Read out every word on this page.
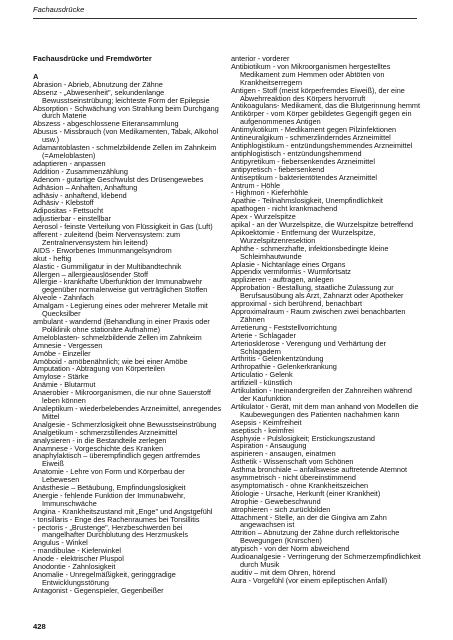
Fachausdrücke
Fachausdrücke und Fremdwörter
A
Abrasion - Abrieb, Abnutzung der Zähne
Absenz - „Abwesenheit", sekundenlange Bewusstseinstrübung; leichteste Form der Epilepsie
Absorption - Schwächung von Strahlung beim Durchgang durch Materie
Abszess - abgeschlossene Eiteransammlung
Abusus - Missbrauch (von Medikamenten, Tabak, Alkohol usw.)
Adamantoblasten - schmelzbildende Zellen im Zahnkeim (=Ameloblasten)
adaptieren - anpassen
Addition - Zusammenzählung
Adenom - gutartige Geschwulst des Drüsengewebes
Adhäsion – Anhaften, Anhaftung
adhäsiv - anhaftend, klebend
Adhäsiv - Klebstoff
Adipositas - Fettsucht
adjustierbar - einstellbar
Aerosol - feinste Verteilung von Flüssigkeit in Gas (Luft)
afferent - zuleitend (beim Nervensystem: zum Zentralnervensystem hin leitend)
AIDS - Erworbenes Immunmangelsyndrom
akut - heftig
Alastic - Gummiligatur in der Multibandtechnik
Allergen – allergieauslösender Stoff
Allergie - krankhafte Überfunktion der Immunabwehr gegenüber normalerweise gut verträglichen Stoffen
Alveole - Zahnfach
Amalgam - Legierung eines oder mehrerer Metalle mit Quecksilber
ambulant - wandernd (Behandlung in einer Praxis oder Poliklinik ohne stationäre Aufnahme)
Ameloblasten- schmelzbildende Zellen im Zahnkeim
Amnesie - Vergessen
Amöbe - Einzeller
Amöboid - amöbenähnlich; wie bei einer Amöbe
Amputation - Abtragung von Körperteilen
Amylose - Stärke
Anämie - Blutarmut
Anaerobier - Mikroorganismen, die nur ohne Sauerstoff leben können
Analeptikum - wiederbelebendes Arzneimittel, anregendes Mittel
Analgesie - Schmerzlosigkeit ohne Bewusstseinstrübung
Analgetikum - schmerzstillendes Arzneimittel
analysieren - in die Bestandteile zerlegen
Anamnese - Vorgeschichte des Kranken
anaphylaktisch – überempfindlich gegen artfremdes Eiweiß
Anatomie - Lehre von Form und Körperbau der Lebewesen
Anästhesie – Betäubung, Empfindungslosigkeit
Anergie - fehlende Funktion der Immunabwehr, Immunschwäche
Angina - Krankheitszustand mit „Enge" und Angstgefühl
- tonsillaris - Enge des Rachenraumes bei Tonsillitis
- pectoris - „Brustenge", Herzbeschwerden bei mangelhafter Durchblutung des Herzmuskels
Angulus - Winkel
- mandibulae - Kieferwinkel
Anode - elektrischer Pluspol
Anodontie - Zahnlosigkeit
Anomalie - Unregelmäßigkeit, geringgradige Entwicklungsstörung
Antagonist - Gegenspieler, Gegenbeißer
anterior - vorderer
Antibiotikum - von Mikroorganismen hergestelltes Medikament zum Hemmen oder Abtöten von Krankheitserregern
Antigen - Stoff (meist körperfremdes Eiweiß), der eine Abwehrreaktion des Körpers hervorruft
Antikoagulans- Medikament, das die Blutgerinnung hemmt
Antikörper - vom Körper gebildetes Gegengift gegen ein aufgenommenes Antigen
Antimykotikum - Medikament gegen Pilzinfektionen
Antineuralgikum - schmerzlinderndes Arzneimittel
Antiphlogistikum - entzündungshemmendes Arzneimittel
antiphlogistisch - entzündungshemmend
Antipyretikum - fiebersenkendes Arzneimittel
antipyretisch - fiebersenkend
Antiseptikum - bakterientötendes Arzneimittel
Antrum - Höhle
- Highmori - Kieferhöhle
Apathie - Teilnahmslosigkeit, Unempfindlichkeit
apathogen - nicht krankmachend
Apex - Wurzelspitze
apikal - an der Wurzelspitze, die Wurzelspitze betreffend
Apikoektomie - Entfernung der Wurzelspitze, Wurzelspitzenresektion
Aphthe - schmerzhafte, infektionsbedingte kleine Schleimhautwunde
Aplasie - Nichtanlage eines Organs
Appendix vermiformis - Wurmfortsatz
applizieren - auftragen, anlegen
Approbation - Bestallung, staatliche Zulassung zur Berufsausübung als Arzt, Zahnarzt oder Apotheker
approximal - sich berührend, benachbart
Approximalraum - Raum zwischen zwei benachbarten Zähnen
Arretierung - Feststellvorrichtung
Arterie - Schlagader
Arteriosklerose - Verengung und Verhärtung der Schlagadern
Arthritis - Gelenkentzündung
Arthropathie - Gelenkerkrankung
Articulatio - Gelenk
artifiziell - künstlich
Artikulation - Ineinandergreifen der Zahnreihen während der Kaufunktion
Artikulator - Gerät, mit dem man anhand von Modellen die Kaubewegungen des Patienten nachahmen kann
Asepsis - Keimfreiheit
aseptisch - keimfrei
Asphyxie - Pulslosigkeit; Erstickungszustand
Aspiration - Ansaugung
aspirieren - ansaugen, einatmen
Ästhetik - Wissenschaft vom Schönen
Asthma bronchiale – anfallsweise auftretende Atemnot
asymmetrisch - nicht übereinstimmend
asymptomatisch - ohne Krankheitszeichen
Ätiologie - Ursache, Herkunft (einer Krankheit)
Atrophie - Gewebeschwund
atrophieren - sich zurückbilden
Attachment - Stelle, an der die Gingiva am Zahn angewachsen ist
Attrition – Abnutzung der Zähne durch reflektorische Bewegungen (Knirschen)
atypisch - von der Norm abweichend
Audioanalgesie - Verringerung der Schmerzempfindlichkeit durch Musik
auditiv – mit dem Ohren, hörend
Aura - Vorgefühl (vor einem epileptischen Anfall)
428
